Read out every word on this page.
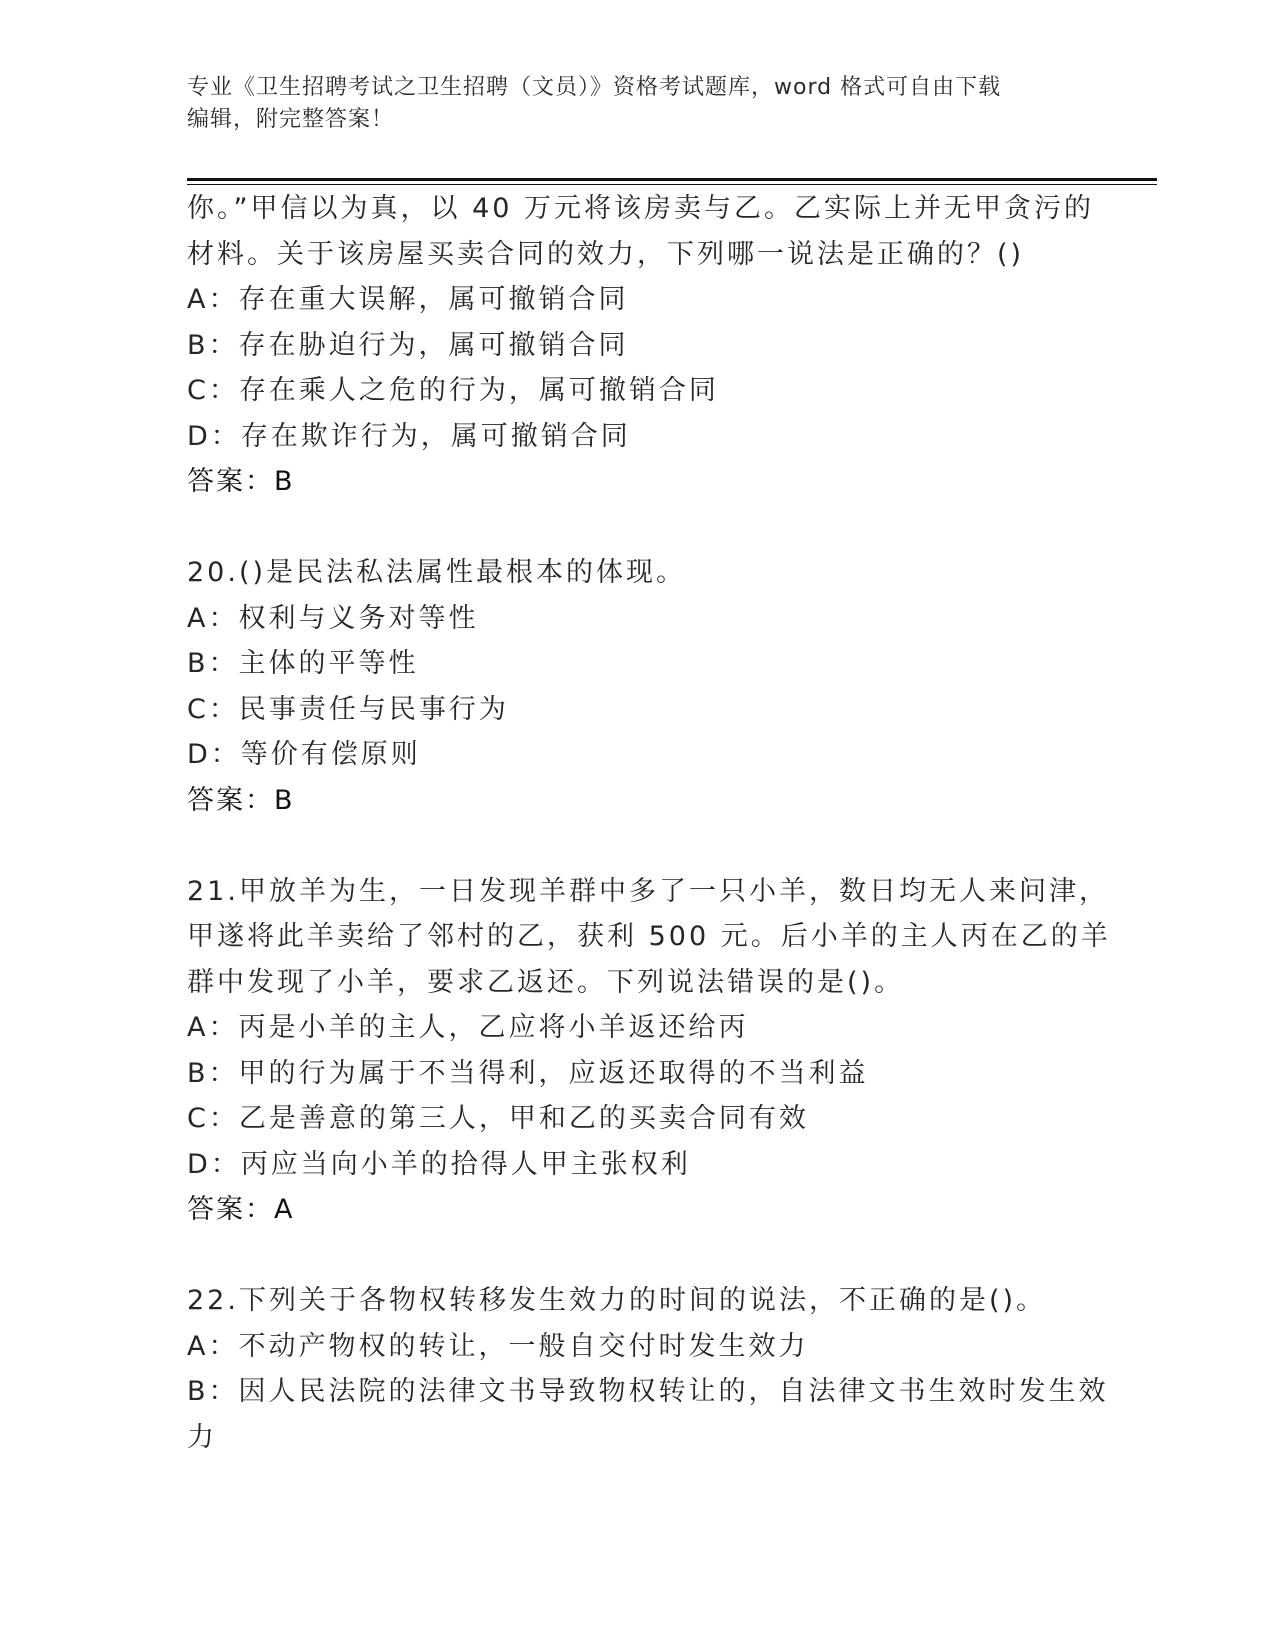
专业《卫生招聘考试之卫生招聘（文员）》资格考试题库，word 格式可自由下载
编辑，附完整答案！
你。”甲信以为真，以 40 万元将该房卖与乙。乙实际上并无甲贪污的
材料。关于该房屋买卖合同的效力，下列哪一说法是正确的？()
A：存在重大误解，属可撤销合同
B：存在胁迫行为，属可撤销合同
C：存在乘人之危的行为，属可撤销合同
D：存在欺诈行为，属可撤销合同
答案：B
20.()是民法私法属性最根本的体现。
A：权利与义务对等性
B：主体的平等性
C：民事责任与民事行为
D：等价有偿原则
答案：B
21.甲放羊为生，一日发现羊群中多了一只小羊，数日均无人来问津，
甲遂将此羊卖给了邻村的乙，获利 500 元。后小羊的主人丙在乙的羊
群中发现了小羊，要求乙返还。下列说法错误的是()。
A：丙是小羊的主人，乙应将小羊返还给丙
B：甲的行为属于不当得利，应返还取得的不当利益
C：乙是善意的第三人，甲和乙的买卖合同有效
D：丙应当向小羊的拾得人甲主张权利
答案：A
22.下列关于各物权转移发生效力的时间的说法，不正确的是()。
A：不动产物权的转让，一般自交付时发生效力
B：因人民法院的法律文书导致物权转让的，自法律文书生效时发生效
力
